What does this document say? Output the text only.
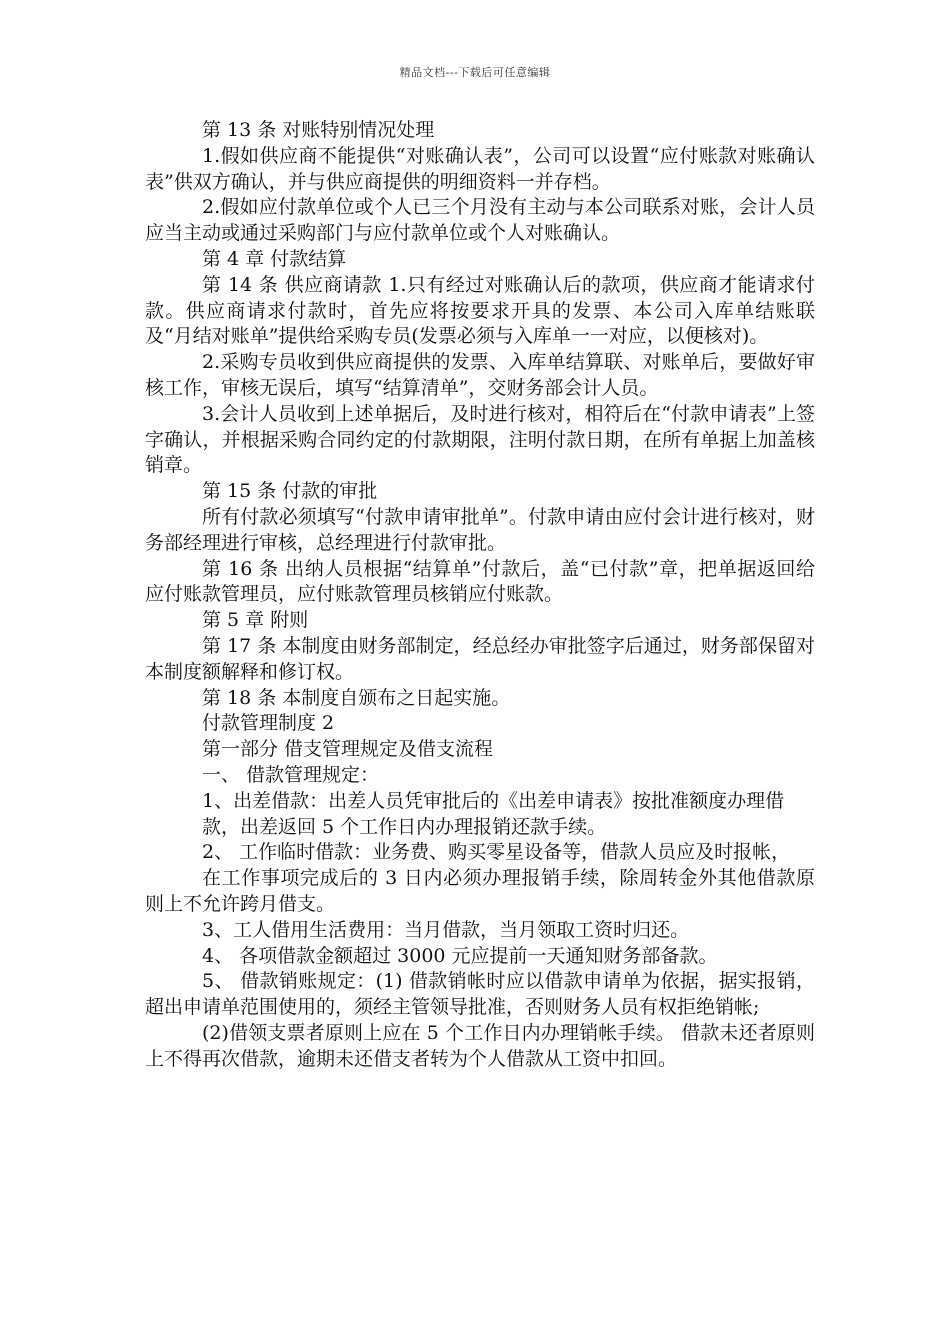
精品文档---下载后可任意编辑

第 13 条 对账特别情况处理

1.假如供应商不能提供“对账确认表”，公司可以设置“应付账款对账确认表”供双方确认，并与供应商提供的明细资料一并存档。

2.假如应付款单位或个人已三个月没有主动与本公司联系对账，会计人员应当主动或通过采购部门与应付款单位或个人对账确认。

第 4 章 付款结算

第 14 条 供应商请款 1.只有经过对账确认后的款项，供应商才能请求付款。供应商请求付款时，首先应将按要求开具的发票、本公司入库单结账联及“月结对账单”提供给采购专员(发票必须与入库单一一对应，以便核对)。

2.采购专员收到供应商提供的发票、入库单结算联、对账单后，要做好审核工作，审核无误后，填写“结算清单”，交财务部会计人员。

3.会计人员收到上述单据后，及时进行核对，相符后在“付款申请表”上签字确认，并根据采购合同约定的付款期限，注明付款日期，在所有单据上加盖核销章。

第 15 条 付款的审批

所有付款必须填写“付款申请审批单”。付款申请由应付会计进行核对，财务部经理进行审核，总经理进行付款审批。

第 16 条 出纳人员根据“结算单”付款后，盖“已付款”章，把单据返回给应付账款管理员，应付账款管理员核销应付账款。

第 5 章 附则

第 17 条 本制度由财务部制定，经总经办审批签字后通过，财务部保留对本制度额解释和修订权。

第 18 条 本制度自颁布之日起实施。

付款管理制度 2

第一部分 借支管理规定及借支流程

一、 借款管理规定：

1、出差借款：出差人员凭审批后的《出差申请表》按批准额度办理借

款，出差返回 5 个工作日内办理报销还款手续。

2、 工作临时借款：业务费、购买零星设备等，借款人员应及时报帐，

在工作事项完成后的 3 日内必须办理报销手续，除周转金外其他借款原则上不允许跨月借支。

3、工人借用生活费用：当月借款，当月领取工资时归还。

4、 各项借款金额超过 3000 元应提前一天通知财务部备款。

5、 借款销账规定：(1) 借款销帐时应以借款申请单为依据，据实报销，超出申请单范围使用的，须经主管领导批准，否则财务人员有权拒绝销帐;

(2)借领支票者原则上应在 5 个工作日内办理销帐手续。 借款未还者原则上不得再次借款，逾期未还借支者转为个人借款从工资中扣回。
